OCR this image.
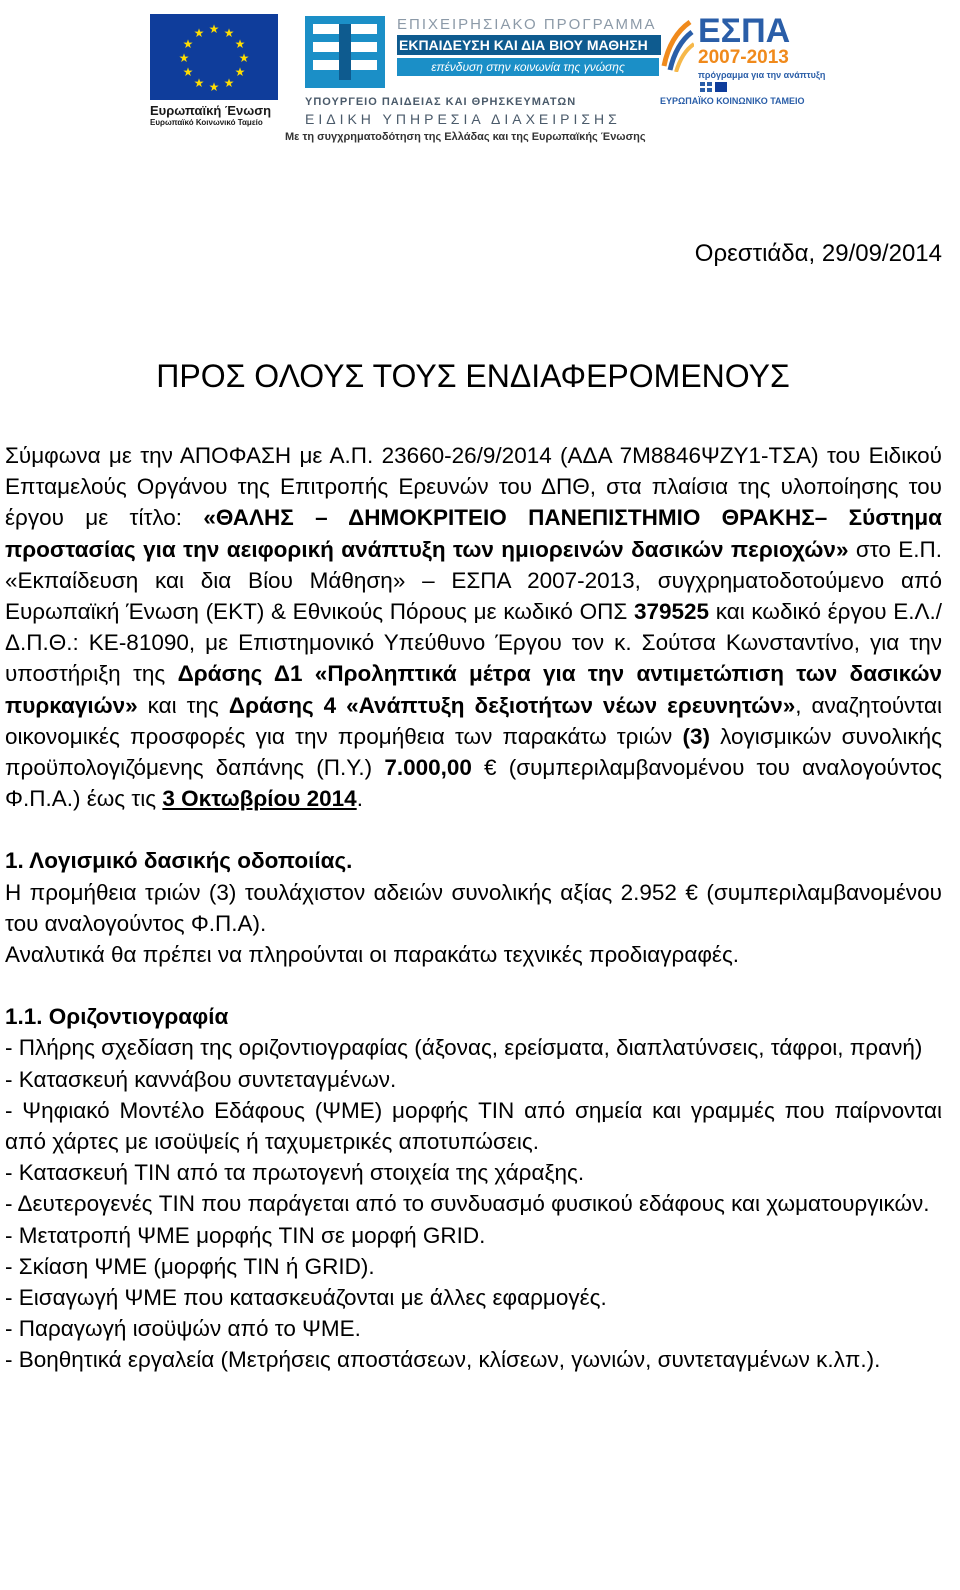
★ ★
★
★
★
★
★
★
★
★
★
★
Ευρωπαϊκή Ένωση
Ευρωπαϊκό Κοινωνικό Ταμείο
ΕΠΙΧΕΙΡΗΣΙΑΚΟ ΠΡΟΓΡΑΜΜΑ
ΕΚΠΑΙΔΕΥΣΗ ΚΑΙ ΔΙΑ ΒΙΟΥ ΜΑΘΗΣΗ
επένδυση στην κοινωνία της γνώσης
ΥΠΟΥΡΓΕΙΟ ΠΑΙΔΕΙΑΣ ΚΑΙ ΘΡΗΣΚΕΥΜΑΤΩΝ
ΕΙΔΙΚΗ ΥΠΗΡΕΣΙΑ ΔΙΑΧΕΙΡΙΣΗΣ
Με τη συγχρηματοδότηση της Ελλάδας και της Ευρωπαϊκής Ένωσης
ΕΣΠΑ
2007-2013
πρόγραμμα για την ανάπτυξη
ΕΥΡΩΠΑΪΚΟ ΚΟΙΝΩΝΙΚΟ ΤΑΜΕΙΟ
Ορεστιάδα, 29/09/2014
ΠΡΟΣ ΟΛΟΥΣ ΤΟΥΣ ΕΝΔΙΑΦΕΡΟΜΕΝΟΥΣ

Σύμφωνα με την ΑΠΟΦΑΣΗ με Α.Π. 23660-26/9/2014 (ΑΔΑ 7Μ8846ΨΖΥ1-ΤΣΑ) του Ειδικού Επταμελούς Οργάνου της Επιτροπής Ερευνών του ΔΠΘ, στα πλαίσια της υλοποίησης του έργου με τίτλο: «ΘΑΛΗΣ – ΔΗΜΟΚΡΙΤΕΙΟ ΠΑΝΕΠΙΣΤΗΜΙΟ ΘΡΑΚΗΣ– Σύστημα προστασίας για την αειφορική ανάπτυξη των ημιορεινών δασικών περιοχών» στο Ε.Π. «Εκπαίδευση και δια Βίου Μάθηση» – ΕΣΠΑ 2007-2013, συγχρηματοδοτούμενο από Ευρωπαϊκή Ένωση (ΕΚΤ) & Εθνικούς Πόρους με κωδικό ΟΠΣ 379525 και κωδικό έργου Ε.Λ./Δ.Π.Θ.: ΚΕ-81090, με Επιστημονικό Υπεύθυνο Έργου τον κ. Σούτσα Κωνσταντίνο, για την υποστήριξη της Δράσης Δ1 «Προληπτικά μέτρα για την αντιμετώπιση των δασικών πυρκαγιών» και της Δράσης 4 «Ανάπτυξη δεξιοτήτων νέων ερευνητών», αναζητούνται οικονομικές προσφορές για την προμήθεια των παρακάτω τριών (3) λογισμικών συνολικής προϋπολογιζόμενης δαπάνης (Π.Υ.) 7.000,00 € (συμπεριλαμβανομένου του αναλογούντος Φ.Π.Α.) έως τις 3 Οκτωβρίου 2014.

1. Λογισμικό δασικής οδοποιίας.

Η προμήθεια τριών (3) τουλάχιστον αδειών συνολικής αξίας 2.952 € (συμπεριλαμβανομένου του αναλογούντος Φ.Π.Α).

Αναλυτικά θα πρέπει να πληρούνται οι παρακάτω τεχνικές προδιαγραφές.

1.1. Οριζοντιογραφία

- Πλήρης σχεδίαση της οριζοντιογραφίας (άξονας, ερείσματα, διαπλατύνσεις, τάφροι, πρανή)

- Κατασκευή καννάβου συντεταγμένων.

- Ψηφιακό Μοντέλο Εδάφους (ΨΜΕ) μορφής TIN από σημεία και γραμμές που παίρνονται από χάρτες με ισοϋψείς ή ταχυμετρικές αποτυπώσεις.

- Κατασκευή TIN από τα πρωτογενή στοιχεία της χάραξης.

- Δευτερογενές TIN που παράγεται από το συνδυασμό φυσικού εδάφους και χωματουργικών.

- Μετατροπή ΨΜΕ μορφής TIN σε μορφή GRID.

- Σκίαση ΨΜΕ (μορφής TIN ή GRID).

- Εισαγωγή ΨΜΕ που κατασκευάζονται με άλλες εφαρμογές.

- Παραγωγή ισοϋψών από το ΨΜΕ.

- Βοηθητικά εργαλεία (Μετρήσεις αποστάσεων, κλίσεων, γωνιών, συντεταγμένων κ.λπ.).
